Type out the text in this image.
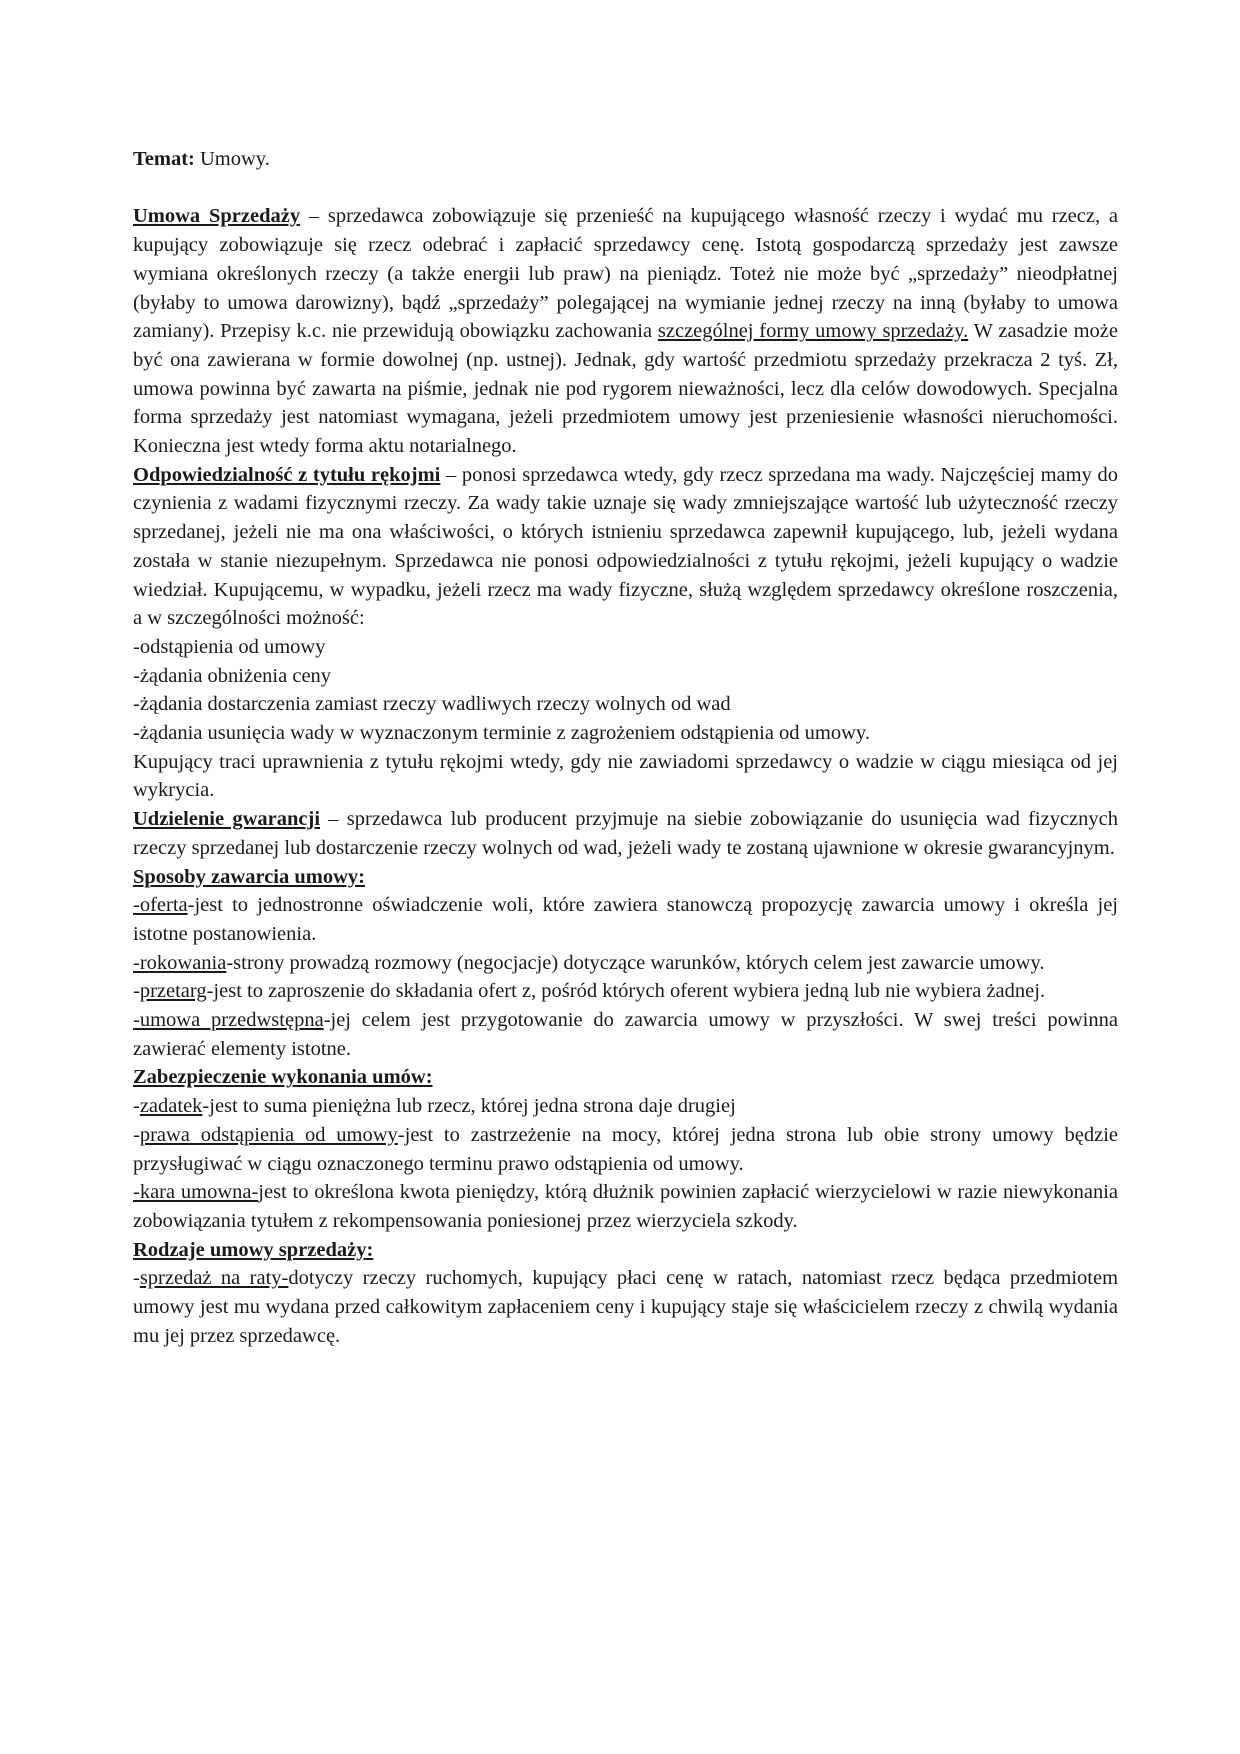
Temat: Umowy.

Umowa Sprzedaży – sprzedawca zobowiązuje się przenieść na kupującego własność rzeczy i wydać mu rzecz, a kupujący zobowiązuje się rzecz odebrać i zapłacić sprzedawcy cenę. Istotą gospodarczą sprzedaży jest zawsze wymiana określonych rzeczy (a także energii lub praw) na pieniądz. Toteż nie może być „sprzedaży” nieodpłatnej (byłaby to umowa darowizny), bądź „sprzedaży” polegającej na wymianie jednej rzeczy na inną (byłaby to umowa zamiany). Przepisy k.c. nie przewidują obowiązku zachowania szczególnej formy umowy sprzedaży. W zasadzie może być ona zawierana w formie dowolnej (np. ustnej). Jednak, gdy wartość przedmiotu sprzedaży przekracza 2 tyś. Zł, umowa powinna być zawarta na piśmie, jednak nie pod rygorem nieważności, lecz dla celów dowodowych. Specjalna forma sprzedaży jest natomiast wymagana, jeżeli przedmiotem umowy jest przeniesienie własności nieruchomości. Konieczna jest wtedy forma aktu notarialnego.

Odpowiedzialność z tytułu rękojmi – ponosi sprzedawca wtedy, gdy rzecz sprzedana ma wady. Najczęściej mamy do czynienia z wadami fizycznymi rzeczy. Za wady takie uznaje się wady zmniejszające wartość lub użyteczność rzeczy sprzedanej, jeżeli nie ma ona właściwości, o których istnieniu sprzedawca zapewnił kupującego, lub, jeżeli wydana została w stanie niezupełnym. Sprzedawca nie ponosi odpowiedzialności z tytułu rękojmi, jeżeli kupujący o wadzie wiedział. Kupującemu, w wypadku, jeżeli rzecz ma wady fizyczne, służą względem sprzedawcy określone roszczenia, a w szczególności możność:

-odstąpienia od umowy
-żądania obniżenia ceny
-żądania dostarczenia zamiast rzeczy wadliwych rzeczy wolnych od wad
-żądania usunięcia wady w wyznaczonym terminie z zagrożeniem odstąpienia od umowy.

Kupujący traci uprawnienia z tytułu rękojmi wtedy, gdy nie zawiadomi sprzedawcy o wadzie w ciągu miesiąca od jej wykrycia.

Udzielenie gwarancji – sprzedawca lub producent przyjmuje na siebie zobowiązanie do usunięcia wad fizycznych rzeczy sprzedanej lub dostarczenie rzeczy wolnych od wad, jeżeli wady te zostaną ujawnione w okresie gwarancyjnym.

Sposoby zawarcia umowy:

-oferta-jest to jednostronne oświadczenie woli, które zawiera stanowczą propozycję zawarcia umowy i określa jej istotne postanowienia.

-rokowania-strony prowadzą rozmowy (negocjacje) dotyczące warunków, których celem jest zawarcie umowy.

-przetarg-jest to zaproszenie do składania ofert z, pośród których oferent wybiera jedną lub nie wybiera żadnej.

-umowa przedwstępna-jej celem jest przygotowanie do zawarcia umowy w przyszłości. W swej treści powinna zawierać elementy istotne.

Zabezpieczenie wykonania umów:

-zadatek-jest to suma pieniężna lub rzecz, której jedna strona daje drugiej

-prawa odstąpienia od umowy-jest to zastrzeżenie na mocy, której jedna strona lub obie strony umowy będzie przysługiwać w ciągu oznaczonego terminu prawo odstąpienia od umowy.

-kara umowna-jest to określona kwota pieniędzy, którą dłużnik powinien zapłacić wierzycielowi w razie niewykonania zobowiązania tytułem z rekompensowania poniesionej przez wierzyciela szkody.

Rodzaje umowy sprzedaży:

-sprzedaż na raty-dotyczy rzeczy ruchomych, kupujący płaci cenę w ratach, natomiast rzecz będąca przedmiotem umowy jest mu wydana przed całkowitym zapłaceniem ceny i kupujący staje się właścicielem rzeczy z chwilą wydania mu jej przez sprzedawcę.
